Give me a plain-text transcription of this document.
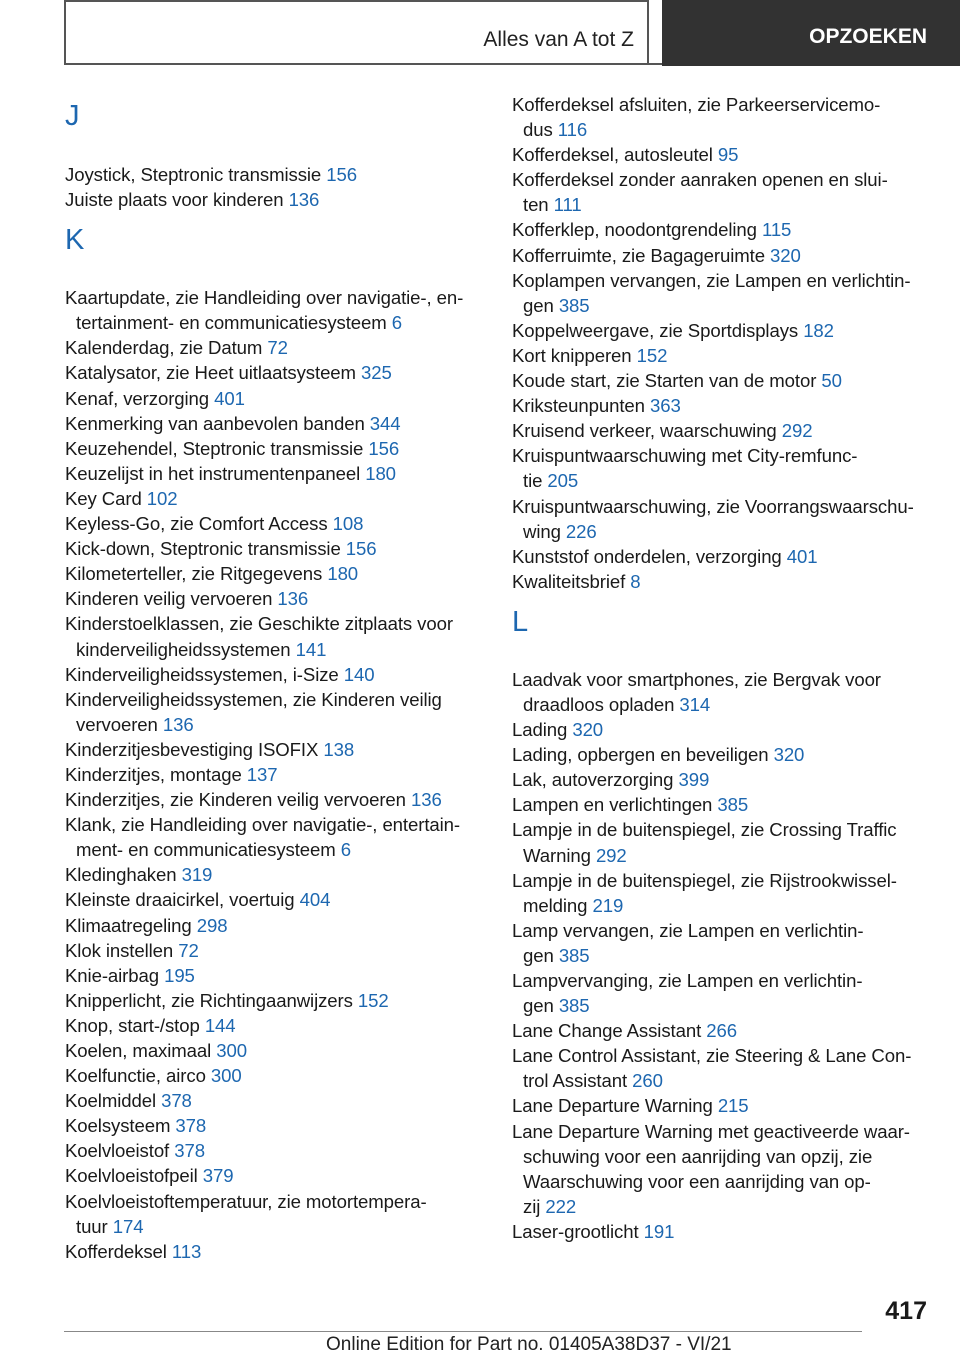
Alles van A tot Z	OPZOEKEN
J
Joystick, Steptronic transmissie 156
Juiste plaats voor kinderen 136
K
Kaartupdate, zie Handleiding over navigatie-, en-
tertainment- en communicatiesysteem 6
Kalenderdag, zie Datum 72
Katalysator, zie Heet uitlaatsysteem 325
Kenaf, verzorging 401
Kenmerking van aanbevolen banden 344
Keuzehendel, Steptronic transmissie 156
Keuzelijst in het instrumentenpaneel 180
Key Card 102
Keyless-Go, zie Comfort Access 108
Kick-down, Steptronic transmissie 156
Kilometerteller, zie Ritgegevens 180
Kinderen veilig vervoeren 136
Kinderstoelklassen, zie Geschikte zitplaats voor
kinderveiligheidssystemen 141
Kinderveiligheidssystemen, i-Size 140
Kinderveiligheidssystemen, zie Kinderen veilig
vervoeren 136
Kinderzitjesbevestiging ISOFIX 138
Kinderzitjes, montage 137
Kinderzitjes, zie Kinderen veilig vervoeren 136
Klank, zie Handleiding over navigatie-, entertain-
ment- en communicatiesysteem 6
Kledinghaken 319
Kleinste draaicirkel, voertuig 404
Klimaatregeling 298
Klok instellen 72
Knie-airbag 195
Knipperlicht, zie Richtingaanwijzers 152
Knop, start-/stop 144
Koelen, maximaal 300
Koelfunctie, airco 300
Koelmiddel 378
Koelsysteem 378
Koelvloeistof 378
Koelvloeistofpeil 379
Koelvloeistoftemperatuur, zie motortempera-
tuur 174
Kofferdeksel 113
Kofferdeksel afsluiten, zie Parkeerservicemo-
dus 116
Kofferdeksel, autosleutel 95
Kofferdeksel zonder aanraken openen en slui-
ten 111
Kofferklep, noodontgrendeling 115
Kofferruimte, zie Bagageruimte 320
Koplampen vervangen, zie Lampen en verlichtin-
gen 385
Koppelweergave, zie Sportdisplays 182
Kort knipperen 152
Koude start, zie Starten van de motor 50
Kriksteunpunten 363
Kruisend verkeer, waarschuwing 292
Kruispuntwaarschuwing met City-remfunc-
tie 205
Kruispuntwaarschuwing, zie Voorrangswaarschu-
wing 226
Kunststof onderdelen, verzorging 401
Kwaliteitsbrief 8
L
Laadvak voor smartphones, zie Bergvak voor
draadloos opladen 314
Lading 320
Lading, opbergen en beveiligen 320
Lak, autoverzorging 399
Lampen en verlichtingen 385
Lampje in de buitenspiegel, zie Crossing Traffic
Warning 292
Lampje in de buitenspiegel, zie Rijstrookwissel-
melding 219
Lamp vervangen, zie Lampen en verlichtin-
gen 385
Lampvervanging, zie Lampen en verlichtin-
gen 385
Lane Change Assistant 266
Lane Control Assistant, zie Steering & Lane Con-
trol Assistant 260
Lane Departure Warning 215
Lane Departure Warning met geactiveerde waar-
schuwing voor een aanrijding van opzij, zie
Waarschuwing voor een aanrijding van op-
zij 222
Laser-grootlicht 191
417
Online Edition for Part no. 01405A38D37 - VI/21
